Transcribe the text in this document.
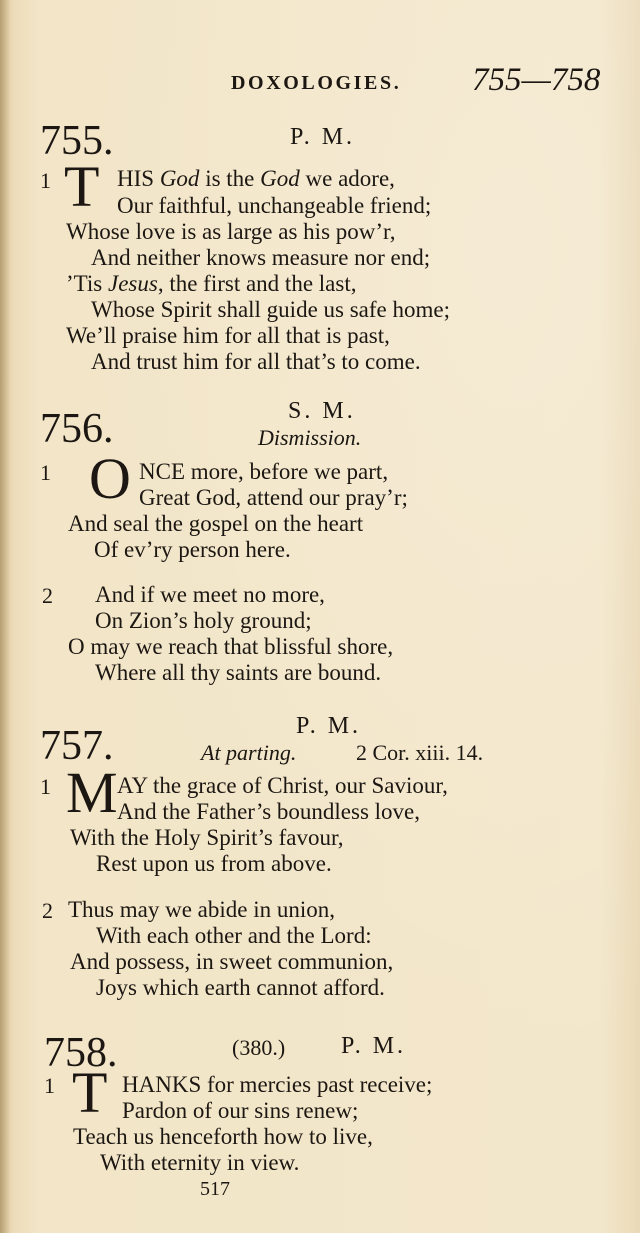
DOXOLOGIES. 755—758
755.	P. M.
1 T HIS God is the God we adore,
Our faithful, unchangeable friend;
Whose love is as large as his pow’r,
And neither knows measure nor end;
’Tis Jesus, the first and the last,
Whose Spirit shall guide us safe home;
We’ll praise him for all that is past,
And trust him for all that’s to come.
756.	S. M.
Dismission.
1 O NCE more, before we part,
Great God, attend our pray’r;
And seal the gospel on the heart
Of ev’ry person here.
2 And if we meet no more,
On Zion’s holy ground;
O may we reach that blissful shore,
Where all thy saints are bound.
757.	P. M.
At parting.	2 Cor. xiii. 14.
1 M AY the grace of Christ, our Saviour,
And the Father’s boundless love,
With the Holy Spirit’s favour,
Rest upon us from above.
2 Thus may we abide in union,
With each other and the Lord:
And possess, in sweet communion,
Joys which earth cannot afford.
758.	(380.) P. M.
1 T HANKS for mercies past receive;
Pardon of our sins renew;
Teach us henceforth how to live,
With eternity in view.
517
